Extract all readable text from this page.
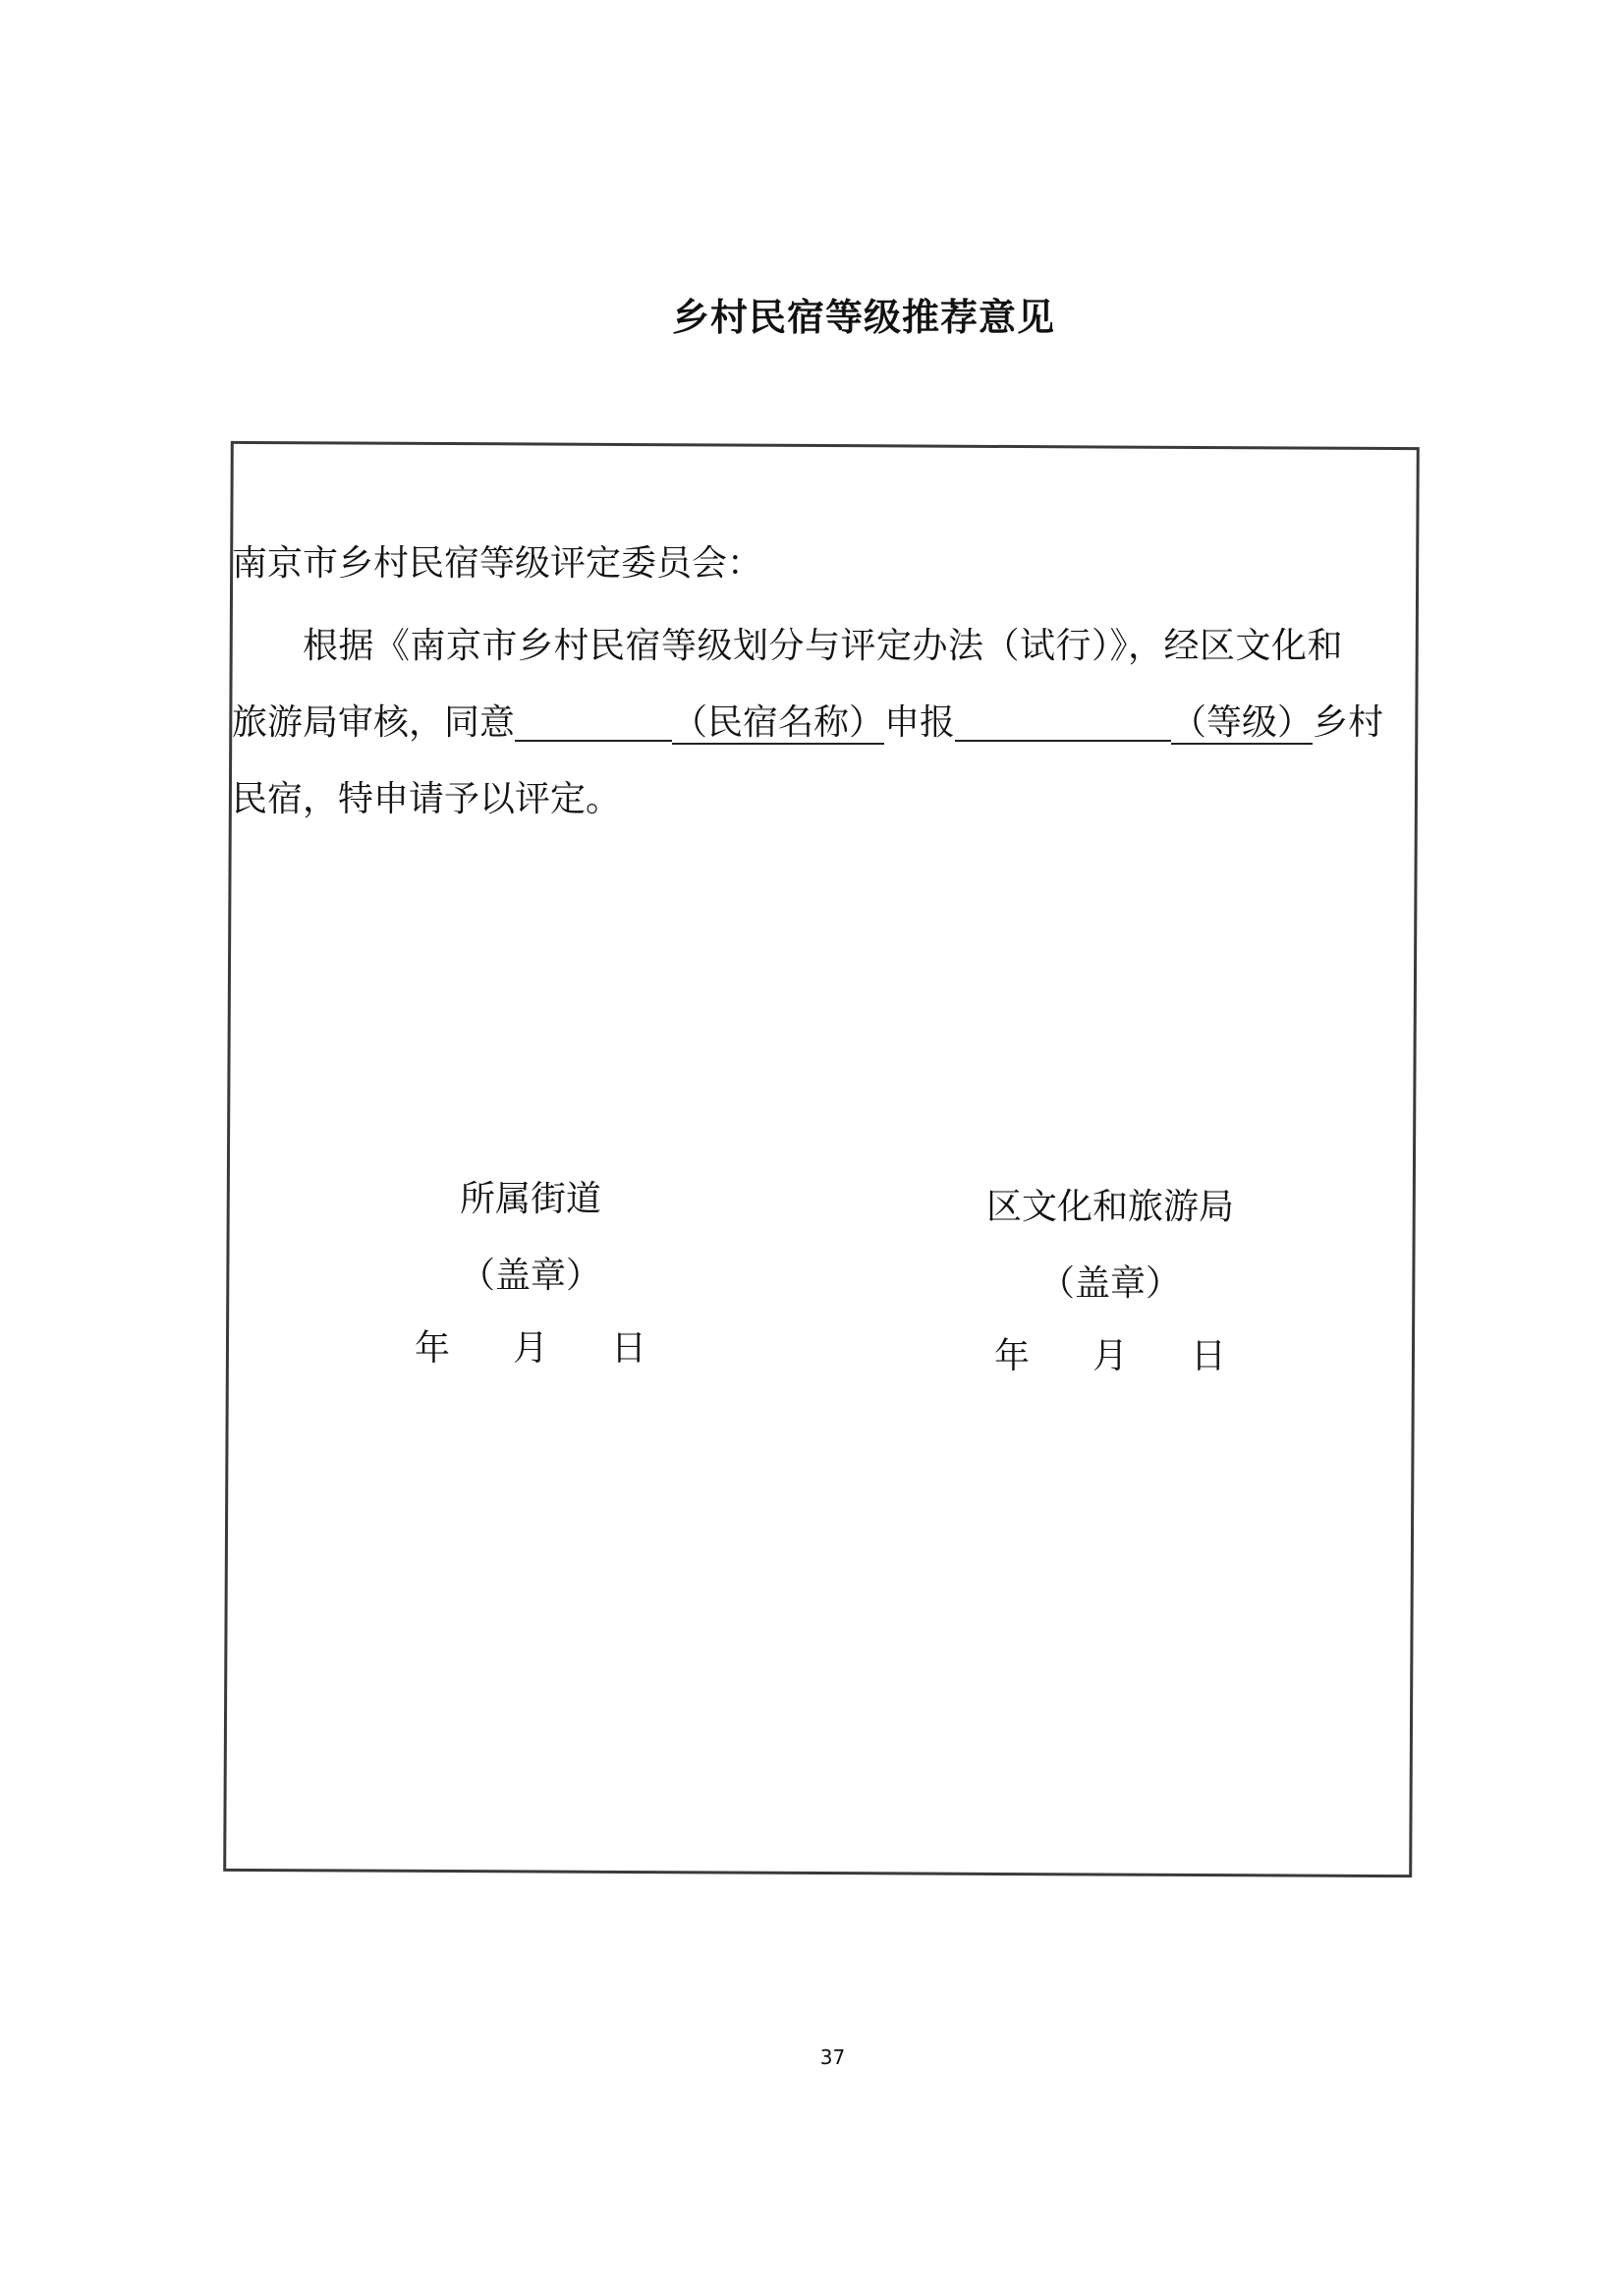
乡村民宿等级推荐意见
南京市乡村民宿等级评定委员会：
根据《南京市乡村民宿等级划分与评定办法（试行）》，经区文化和
旅游局审核，同意	（民宿名称）申报	（等级）乡村
民宿，特申请予以评定。
所属街道
（盖章）
年 月 日
区文化和旅游局
（盖章）
年 月 日
37
